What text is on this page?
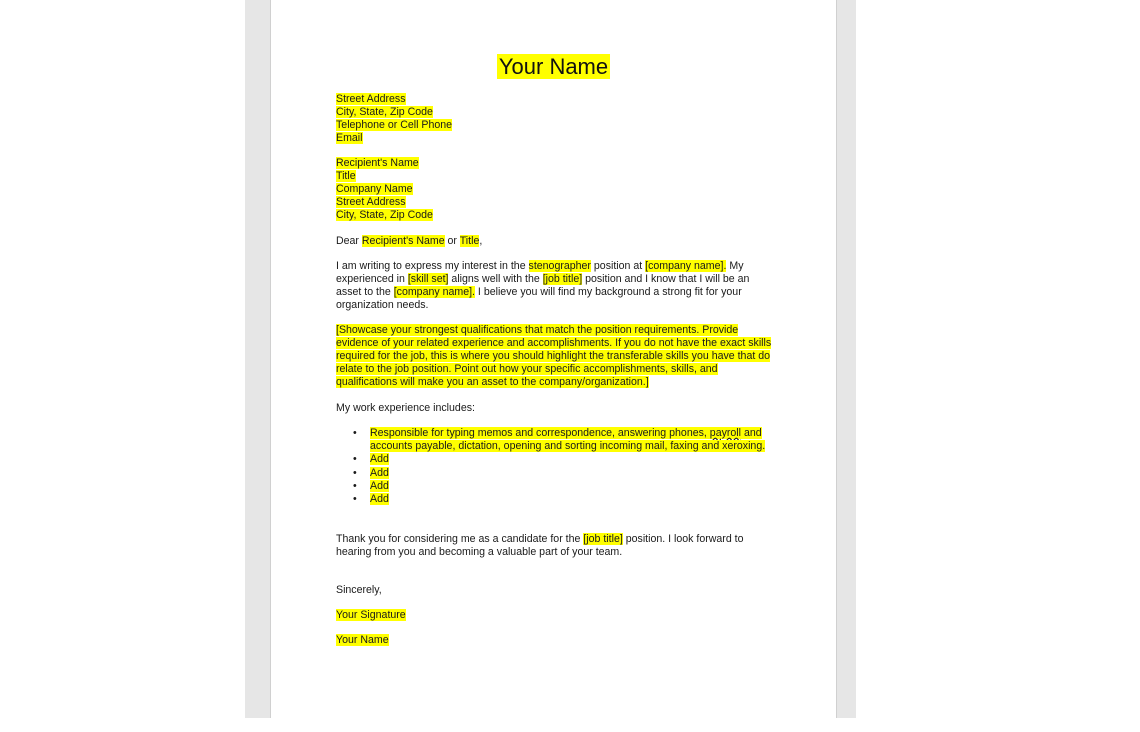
Your Name
Street Address
City, State, Zip Code
Telephone or Cell Phone
Email
Recipient's Name
Title
Company Name
Street Address
City, State, Zip Code
Dear Recipient's Name or Title,

I am writing to express my interest in the stenographer position at [company name]. My experienced in [skill set] aligns well with the [job title] position and I know that I will be an asset to the [company name]. I believe you will find my background a strong fit for your organization needs.

[Showcase your strongest qualifications that match the position requirements. Provide evidence of your related experience and accomplishments. If you do not have the exact skills required for the job, this is where you should highlight the transferable skills you have that do relate to the job position. Point out how your specific accomplishments, skills, and qualifications will make you an asset to the company/organization.]

My work experience includes:
• Responsible for typing memos and correspondence, answering phones, payroll and accounts payable, dictation, opening and sorting incoming mail, faxing and xeroxing.
• Add
• Add
• Add
• Add

Thank you for considering me as a candidate for the [job title] position. I look forward to hearing from you and becoming a valuable part of your team.

Sincerely,
Your Signature
Your Name
